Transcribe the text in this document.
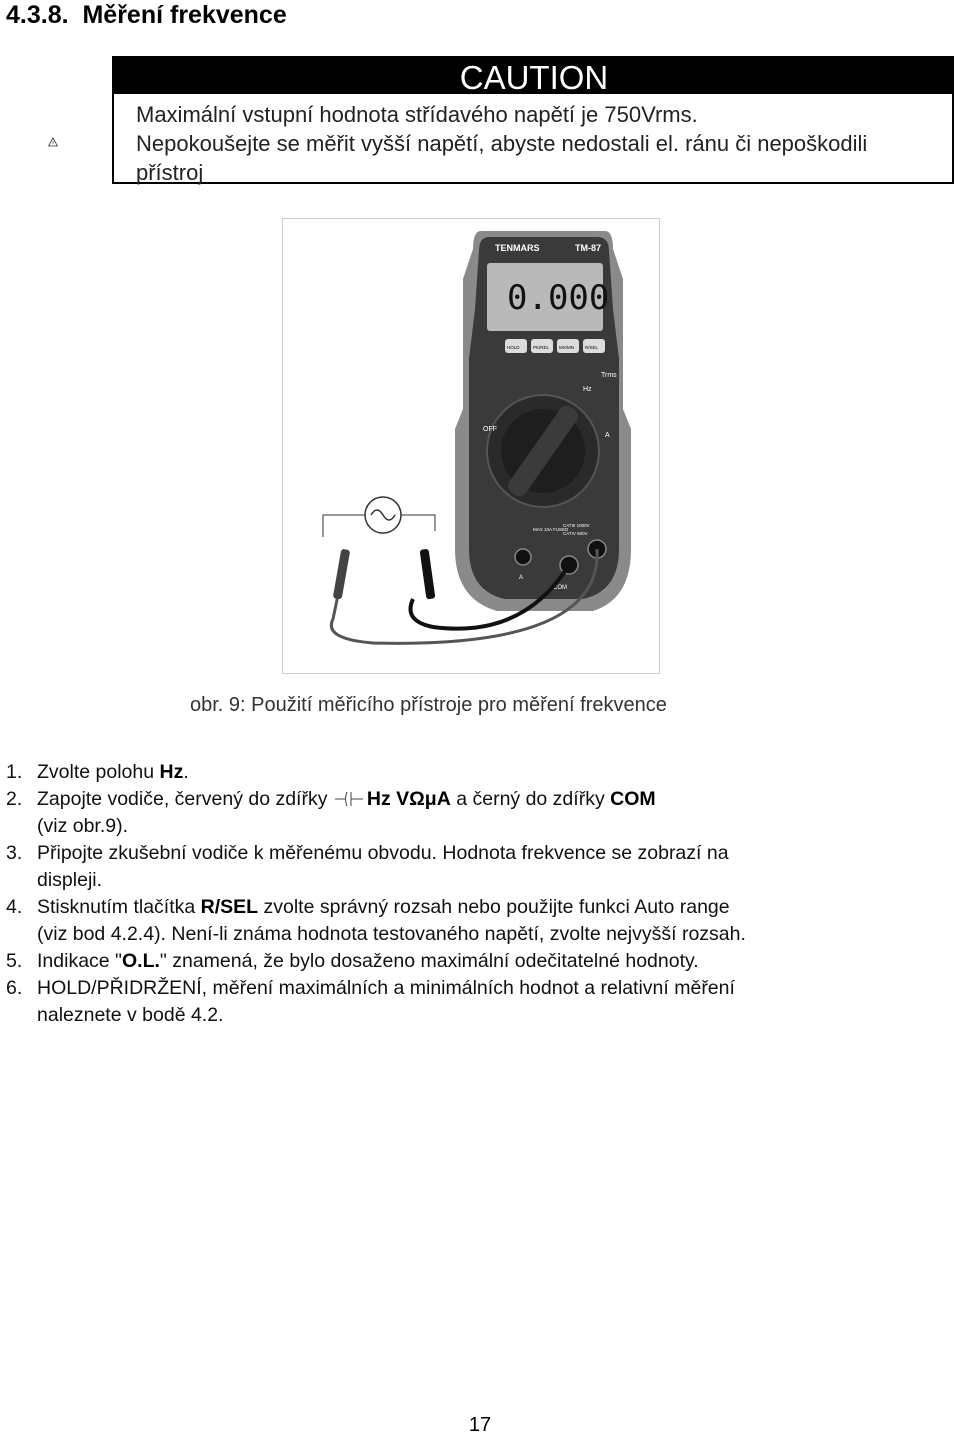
4.3.8. Měření frekvence
CAUTION
Maximální vstupní hodnota střídavého napětí je 750Vrms.
Nepokoušejte se měřit vyšší napětí, abyste nedostali el. ránu či nepoškodili
přístroj
TENMARS	TM-87
0.000
HOLD	PK/REL MX/MN R/SEL
Trms
OFF
Hz
A
MAX 10A FUSED
CATIII 1000V
CATIV 600V
A
COM
obr. 9: Použití měřicího přístroje pro měření frekvence
1. Zvolte polohu Hz.
2. Zapojte vodiče, červený do zdířky Hz VΩμA a černý do zdířky COM
(viz obr.9).
3. Připojte zkušební vodiče k měřenému obvodu. Hodnota frekvence se zobrazí na
displeji.
4. Stisknutím tlačítka R/SEL zvolte správný rozsah nebo použijte funkci Auto range
(viz bod 4.2.4). Není-li známa hodnota testovaného napětí, zvolte nejvyšší rozsah.
5. Indikace "O.L." znamená, že bylo dosaženo maximální odečitatelné hodnoty.
6. HOLD/PŘIDRŽENÍ, měření maximálních a minimálních hodnot a relativní měření
naleznete v bodě 4.2.
17
